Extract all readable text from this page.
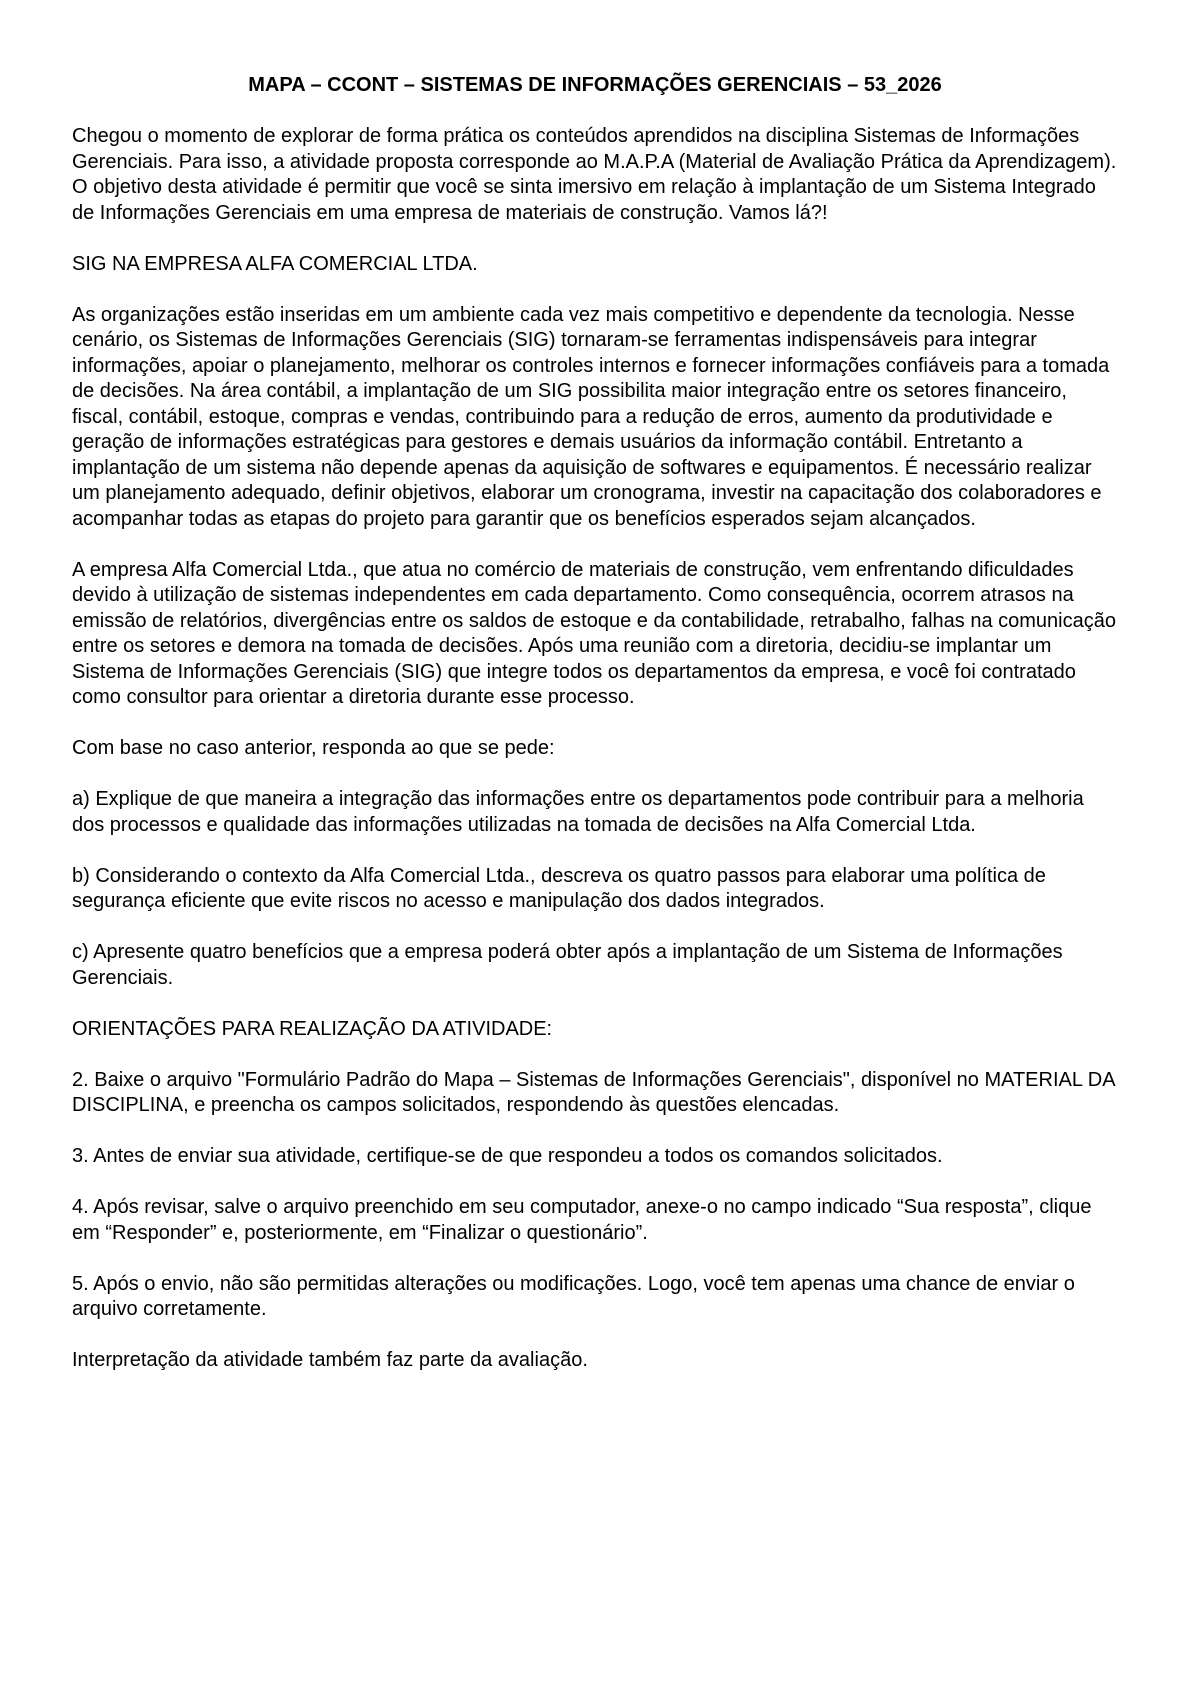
MAPA – CCONT – SISTEMAS DE INFORMAÇÕES GERENCIAIS – 53_2026

Chegou o momento de explorar de forma prática os conteúdos aprendidos na disciplina Sistemas de Informações Gerenciais. Para isso, a atividade proposta corresponde ao M.A.P.A (Material de Avaliação Prática da Aprendizagem). O objetivo desta atividade é permitir que você se sinta imersivo em relação à implantação de um Sistema Integrado de Informações Gerenciais em uma empresa de materiais de construção. Vamos lá?!

SIG NA EMPRESA ALFA COMERCIAL LTDA.

As organizações estão inseridas em um ambiente cada vez mais competitivo e dependente da tecnologia. Nesse cenário, os Sistemas de Informações Gerenciais (SIG) tornaram-se ferramentas indispensáveis para integrar informações, apoiar o planejamento, melhorar os controles internos e fornecer informações confiáveis para a tomada de decisões. Na área contábil, a implantação de um SIG possibilita maior integração entre os setores financeiro, fiscal, contábil, estoque, compras e vendas, contribuindo para a redução de erros, aumento da produtividade e geração de informações estratégicas para gestores e demais usuários da informação contábil. Entretanto a implantação de um sistema não depende apenas da aquisição de softwares e equipamentos. É necessário realizar um planejamento adequado, definir objetivos, elaborar um cronograma, investir na capacitação dos colaboradores e acompanhar todas as etapas do projeto para garantir que os benefícios esperados sejam alcançados.

A empresa Alfa Comercial Ltda., que atua no comércio de materiais de construção, vem enfrentando dificuldades devido à utilização de sistemas independentes em cada departamento. Como consequência, ocorrem atrasos na emissão de relatórios, divergências entre os saldos de estoque e da contabilidade, retrabalho, falhas na comunicação entre os setores e demora na tomada de decisões. Após uma reunião com a diretoria, decidiu-se implantar um Sistema de Informações Gerenciais (SIG) que integre todos os departamentos da empresa, e você foi contratado como consultor para orientar a diretoria durante esse processo.

Com base no caso anterior, responda ao que se pede:

a) Explique de que maneira a integração das informações entre os departamentos pode contribuir para a melhoria dos processos e qualidade das informações utilizadas na tomada de decisões na Alfa Comercial Ltda.

b) Considerando o contexto da Alfa Comercial Ltda., descreva os quatro passos para elaborar uma política de segurança eficiente que evite riscos no acesso e manipulação dos dados integrados.

c) Apresente quatro benefícios que a empresa poderá obter após a implantação de um Sistema de Informações Gerenciais.

ORIENTAÇÕES PARA REALIZAÇÃO DA ATIVIDADE:

2. Baixe o arquivo "Formulário Padrão do Mapa – Sistemas de Informações Gerenciais", disponível no MATERIAL DA DISCIPLINA, e preencha os campos solicitados, respondendo às questões elencadas.

3. Antes de enviar sua atividade, certifique-se de que respondeu a todos os comandos solicitados.

4. Após revisar, salve o arquivo preenchido em seu computador, anexe-o no campo indicado “Sua resposta”, clique em “Responder” e, posteriormente, em “Finalizar o questionário”.

5. Após o envio, não são permitidas alterações ou modificações. Logo, você tem apenas uma chance de enviar o arquivo corretamente.

Interpretação da atividade também faz parte da avaliação.
